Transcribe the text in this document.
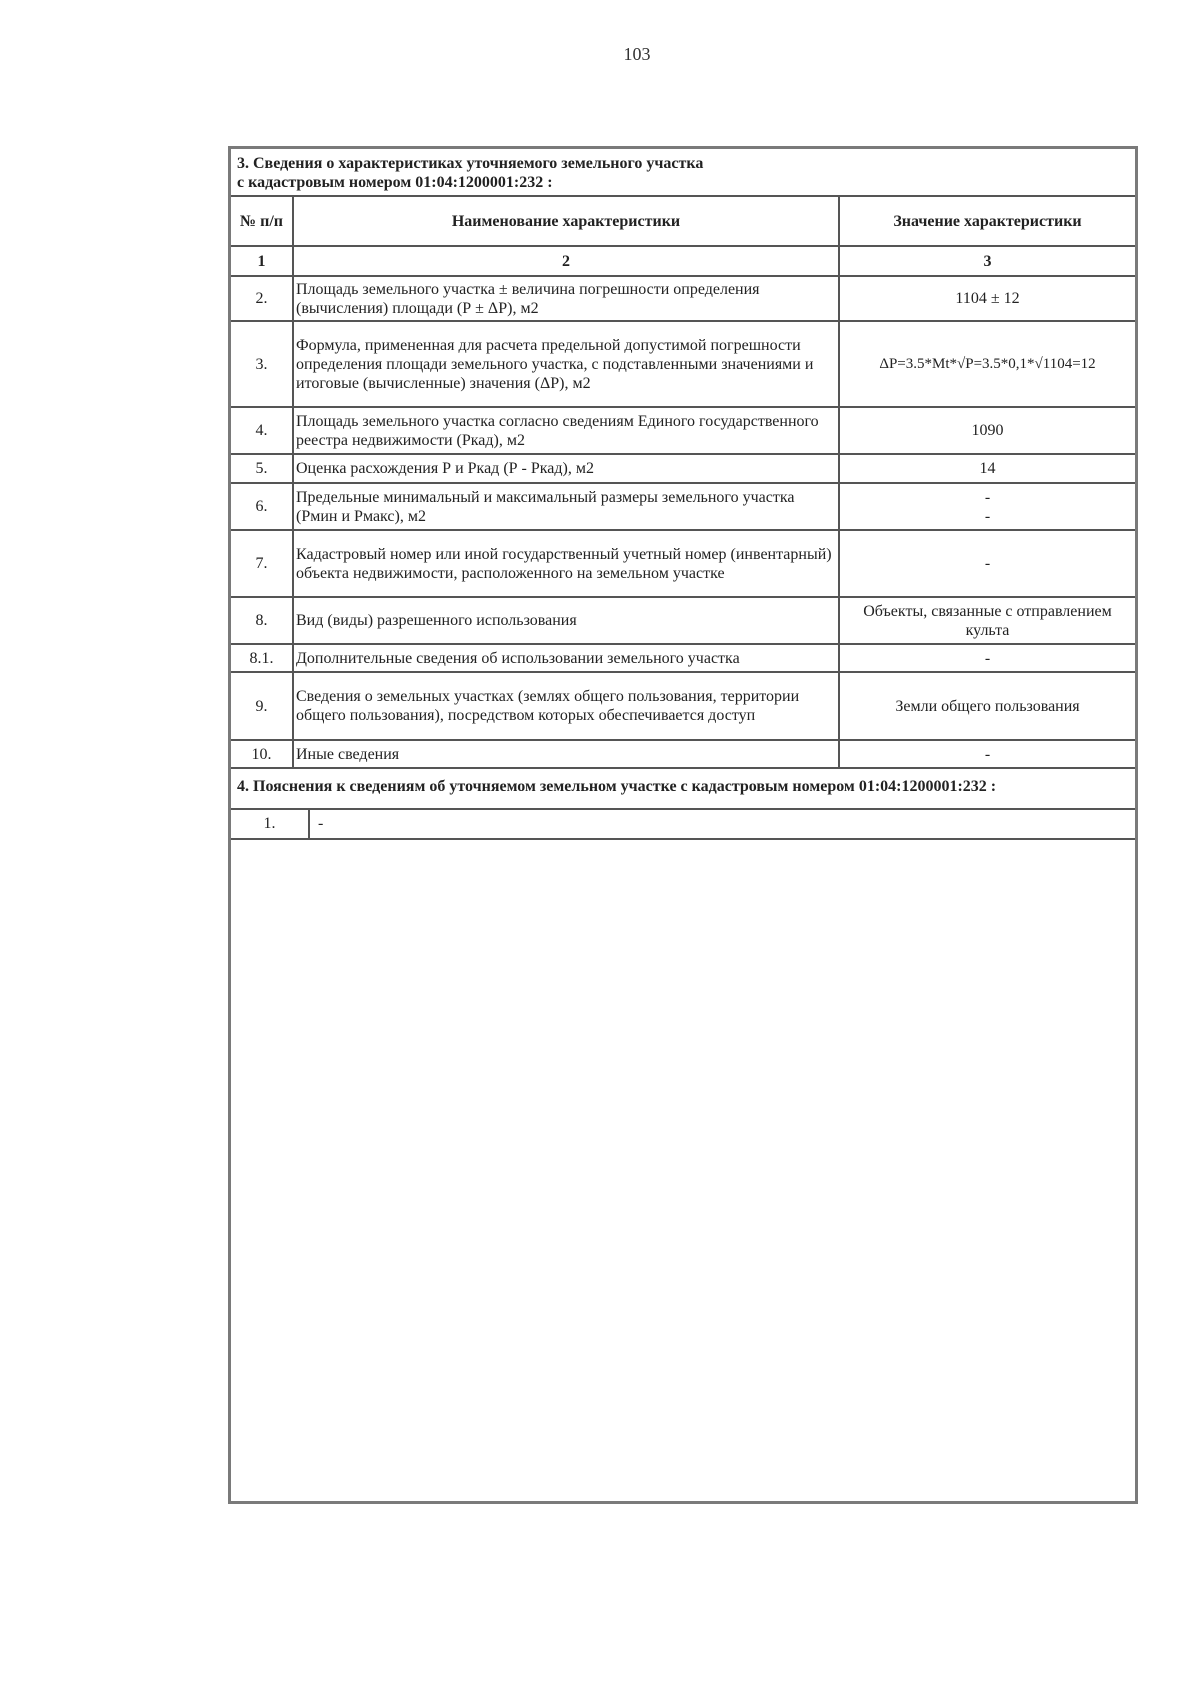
103
3. Сведения о характеристиках уточняемого земельного участка
с кадастровым номером 01:04:1200001:232 :
№ п/п	Наименование характеристики	Значение характеристики
1	2	3
2.	Площадь земельного участка ± величина погрешности определения (вычисления) площади (Р ± ΔР), м2	1104 ± 12
3.	Формула, примененная для расчета предельной допустимой погрешности определения площади земельного участка, с подставленными значениями и итоговые (вычисленные) значения (ΔР), м2	ΔР=3.5*Mt*√Р=3.5*0,1*√1104=12
4.	Площадь земельного участка согласно сведениям Единого государственного реестра недвижимости (Ркад), м2	1090
5.	Оценка расхождения Р и Ркад (Р - Ркад), м2	14
6.	Предельные минимальный и максимальный размеры земельного участка (Рмин и Рмакс), м2	-
-

7.	Кадастровый номер или иной государственный учетный номер (инвентарный) объекта недвижимости, расположенного на земельном участке	-
8.	Вид (виды) разрешенного использования	Объекты, связанные с отправлением культа
8.1.	Дополнительные сведения об использовании земельного участка	-
9.	Сведения о земельных участках (землях общего пользования, территории общего пользования), посредством которых обеспечивается доступ	Земли общего пользования
10.	Иные сведения	-
4. Пояснения к сведениям об уточняемом земельном участке с кадастровым номером 01:04:1200001:232 :
1.	-
